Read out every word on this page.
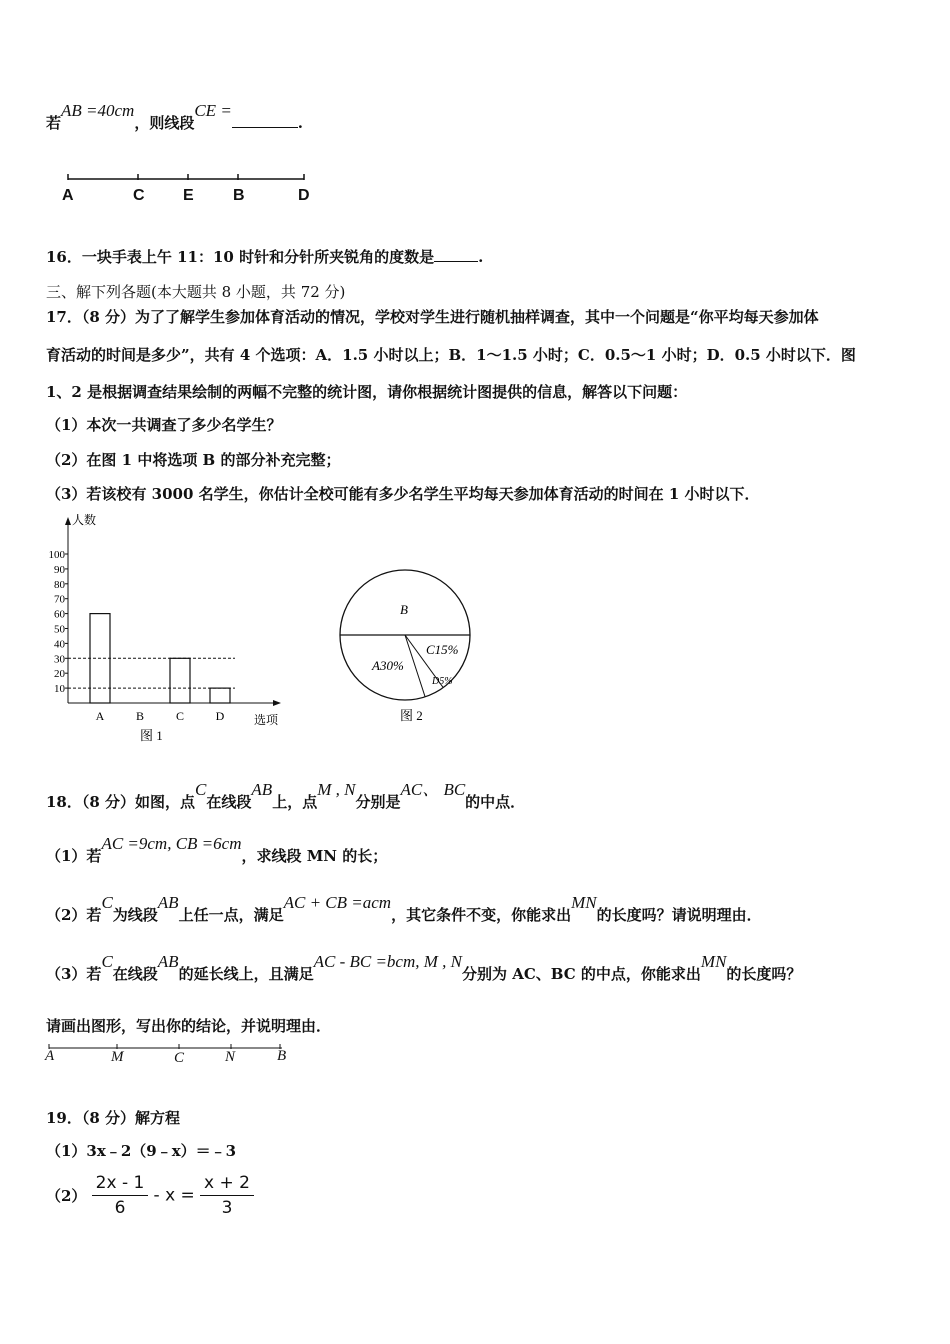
若AB =40cm，则线段CE =.
A	C E B	D
16．一块手表上午 11：10 时针和分针所夹锐角的度数是	.
三、解下列各题(本大题共 8 小题，共 72 分)
17．（8 分）为了了解学生参加体育活动的情况，学校对学生进行随机抽样调查，其中一个问题是“你平均每天参加体
育活动的时间是多少”，共有 4 个选项：A．1.5 小时以上；B．1～1.5 小时；C．0.5～1 小时；D．0.5 小时以下．图
1、2 是根据调查结果绘制的两幅不完整的统计图，请你根据统计图提供的信息，解答以下问题：
（1）本次一共调查了多少名学生？
（2）在图 1 中将选项 B 的部分补充完整；
（3）若该校有 3000 名学生，你估计全校可能有多少名学生平均每天参加体育活动的时间在 1 小时以下．
人数
选项
10
20
30
40
50
60
70
80
90
100
A	B	C	D
图 1
B
A30%
C15%
D5%
图 2
18．（8 分）如图，点C在线段AB上，点M , N分别是AC、 BC的中点．
（1）若AC =9cm, CB =6cm，求线段 MN 的长；
（2）若C为线段AB上任一点，满足AC + CB =acm，其它条件不变，你能求出MN的长度吗？请说明理由．
（3）若C在线段AB的延长线上，且满足AC - BC =bcm, M , N分别为 AC、BC 的中点，你能求出MN的长度吗？
请画出图形，写出你的结论，并说明理由．
A	M	C	N	B
19．（8 分）解方程
（1）3x﹣2（9﹣x）＝﹣3
$(2) \frac{2x - 1}{6} - x = \frac{x + 2}{3}$
